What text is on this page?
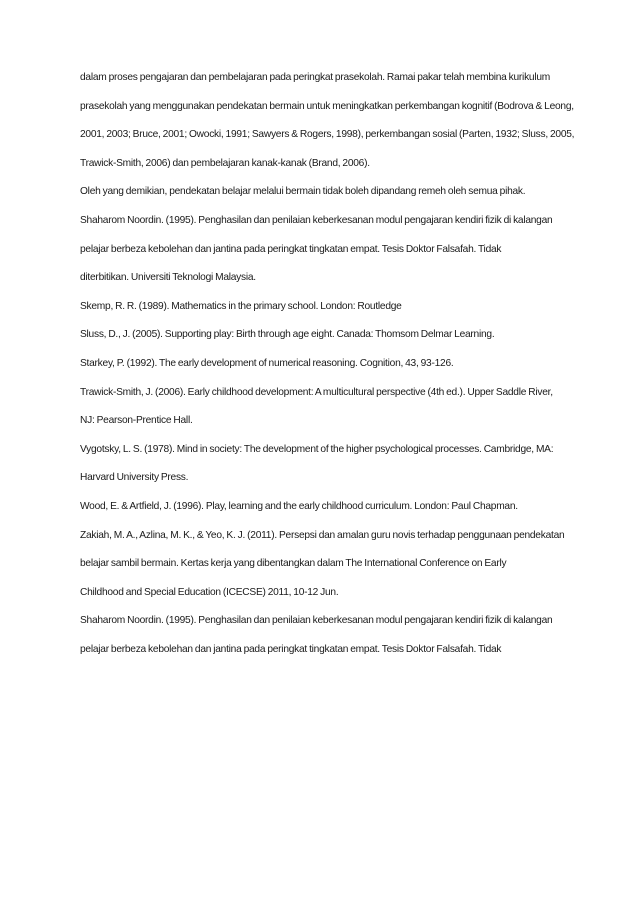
dalam proses pengajaran dan pembelajaran pada peringkat prasekolah. Ramai pakar telah membina kurikulum

prasekolah yang menggunakan pendekatan bermain untuk meningkatkan perkembangan kognitif (Bodrova & Leong,

2001, 2003; Bruce, 2001; Owocki, 1991; Sawyers & Rogers, 1998), perkembangan sosial (Parten, 1932; Sluss, 2005,

Trawick-Smith, 2006) dan pembelajaran kanak-kanak (Brand, 2006).

Oleh yang demikian, pendekatan belajar melalui bermain tidak boleh dipandang remeh oleh semua pihak.

Shaharom Noordin. (1995). Penghasilan dan penilaian keberkesanan modul pengajaran kendiri fizik di kalangan

pelajar berbeza kebolehan dan jantina pada peringkat tingkatan empat. Tesis Doktor Falsafah. Tidak

diterbitikan. Universiti Teknologi Malaysia.

Skemp, R. R. (1989). Mathematics in the primary school. London: Routledge

Sluss, D., J. (2005). Supporting play: Birth through age eight. Canada: Thomsom Delmar Learning.

Starkey, P. (1992). The early development of numerical reasoning. Cognition, 43, 93-126.

Trawick-Smith, J. (2006). Early childhood development: A multicultural perspective (4th ed.). Upper Saddle River,

NJ: Pearson-Prentice Hall.

Vygotsky, L. S. (1978). Mind in society: The development of the higher psychological processes. Cambridge, MA:

Harvard University Press.

Wood, E. & Artfield, J. (1996). Play, learning and the early childhood curriculum. London: Paul Chapman.

Zakiah, M. A., Azlina, M. K., & Yeo, K. J. (2011). Persepsi dan amalan guru novis terhadap penggunaan pendekatan

belajar sambil bermain. Kertas kerja yang dibentangkan dalam The International Conference on Early

Childhood and Special Education (ICECSE) 2011, 10-12 Jun.

Shaharom Noordin. (1995). Penghasilan dan penilaian keberkesanan modul pengajaran kendiri fizik di kalangan

pelajar berbeza kebolehan dan jantina pada peringkat tingkatan empat. Tesis Doktor Falsafah. Tidak
